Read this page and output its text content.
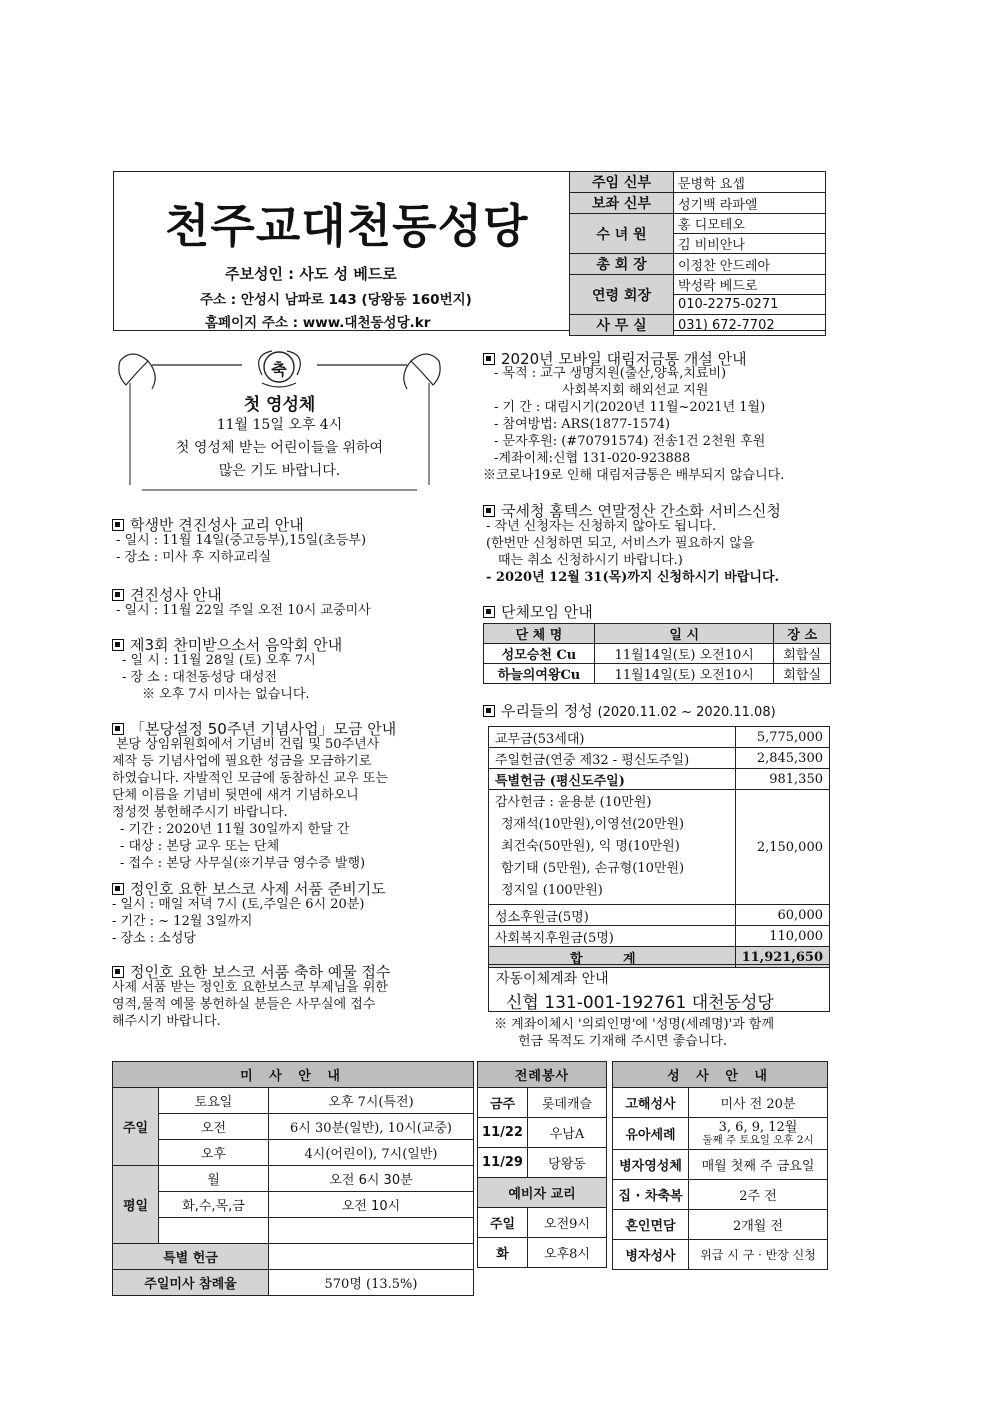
천주교대천동성당
주보성인 : 사도 성 베드로
주소 : 안성시 남파로 143 (당왕동 160번지)
홈페이지 주소 : www.대천동성당.kr
주임 신부	문병학 요셉
보좌 신부	성기백 라파엘
수 녀 원	홍 디모테오
	김 비비안나
총 회 장	이정찬 안드레아
연령 회장	박성락 베드로
	010-2275-0271
사 무 실	031) 672-7702
축
첫 영성체
11월 15일 오후 4시
첫 영성체 받는 어린이들을 위하여
많은 기도 바랍니다.
학생반 견진성사 교리 안내
- 일시 : 11월 14일(중고등부),15일(초등부)
- 장소 : 미사 후 지하교리실
견진성사 안내
- 일시 : 11월 22일 주일 오전 10시 교중미사
제3회 찬미받으소서 음악회 안내
- 일 시 : 11월 28일 (토) 오후 7시
- 장 소 : 대천동성당 대성전
※ 오후 7시 미사는 없습니다.
「본당설정 50주년 기념사업」모금 안내
본당 상임위원회에서 기념비 건립 및 50주년사
제작 등 기념사업에 필요한 성금을 모금하기로
하였습니다. 자발적인 모금에 동참하신 교우 또는
단체 이름을 기념비 뒷면에 새겨 기념하오니
정성껏 봉헌해주시기 바랍니다.
- 기간 : 2020년 11월 30일까지 한달 간
- 대상 : 본당 교우 또는 단체
- 접수 : 본당 사무실(※기부금 영수증 발행)
정인호 요한 보스코 사제 서품 준비기도
- 일시 : 매일 저녁 7시 (토,주일은 6시 20분)
- 기간 : ~ 12월 3일까지
- 장소 : 소성당
정인호 요한 보스코 서품 축하 예물 접수
사제 서품 받는 정인호 요한보스코 부제님을 위한
영적,물적 예물 봉헌하실 분들은 사무실에 접수
해주시기 바랍니다.
2020년 모바일 대림저금통 개설 안내
- 목적 : 교구 생명지원(출산,양육,치료비)
사회복지회 해외선교 지원
- 기 간 : 대림시기(2020년 11월~2021년 1월)
- 참여방법: ARS(1877-1574)
- 문자후원: (#70791574) 전송1건 2천원 후원
-계좌이체:신협 131-020-923888
※코로나19로 인해 대림저금통은 배부되지 않습니다.
국세청 홈텍스 연말정산 간소화 서비스신청
- 작년 신청자는 신청하지 않아도 됩니다.
(한번만 신청하면 되고, 서비스가 필요하지 않을
때는 취소 신청하시기 바랍니다.)
- 2020년 12월 31(목)까지 신청하시기 바랍니다.
단체모임 안내
단 체 명	일 시	장 소
성모승천 Cu	11월14일(토) 오전10시	회합실
하늘의여왕Cu	11월14일(토) 오전10시	회합실
우리들의 정성 (2020.11.02 ~ 2020.11.08)
교무금(53세대)	5,775,000
주일헌금(연중 제32 - 평신도주일)	2,845,300
특별헌금 (평신도주일)	981,350

감사헌금 : 윤용분 (10만원)
정재석(10만원),이영선(20만원)
최건숙(50만원), 익 명(10만원)
함기태 (5만원), 손규형(10만원)
정지일 (100만원)	2,150,000
성소후원금(5명)	60,000
사회복지후원금(5명)	110,000
합 계	11,921,650
자동이체계좌 안내
신협 131-001-192761 대천동성당
※ 계좌이체시 '의뢰인명'에 '성명(세례명)'과 함께
헌금 목적도 기재해 주시면 좋습니다.
미 사 안 내		
주일	토요일	오후 7시(특전)
	오전	6시 30분(일반), 10시(교중)
	오후	4시(어린이), 7시(일반)
평일	월	오전 6시 30분
	화,수,목,금	오전 10시

특별 헌금		
주일미사 참례율		570명 (13.5%)
전례봉사	
금주	롯데캐슬
11/22	우남A
11/29	당왕동
예비자 교리	
주일	오전9시
화	오후8시
성 사 안 내	
고해성사	미사 전 20분
유아세례	3, 6, 9, 12월
둘째 주 토요일 오후 2시

병자영성체	매월 첫째 주 금요일
집 · 차축복	2주 전
혼인면담	2개월 전
병자성사	위급 시 구 · 반장 신청
